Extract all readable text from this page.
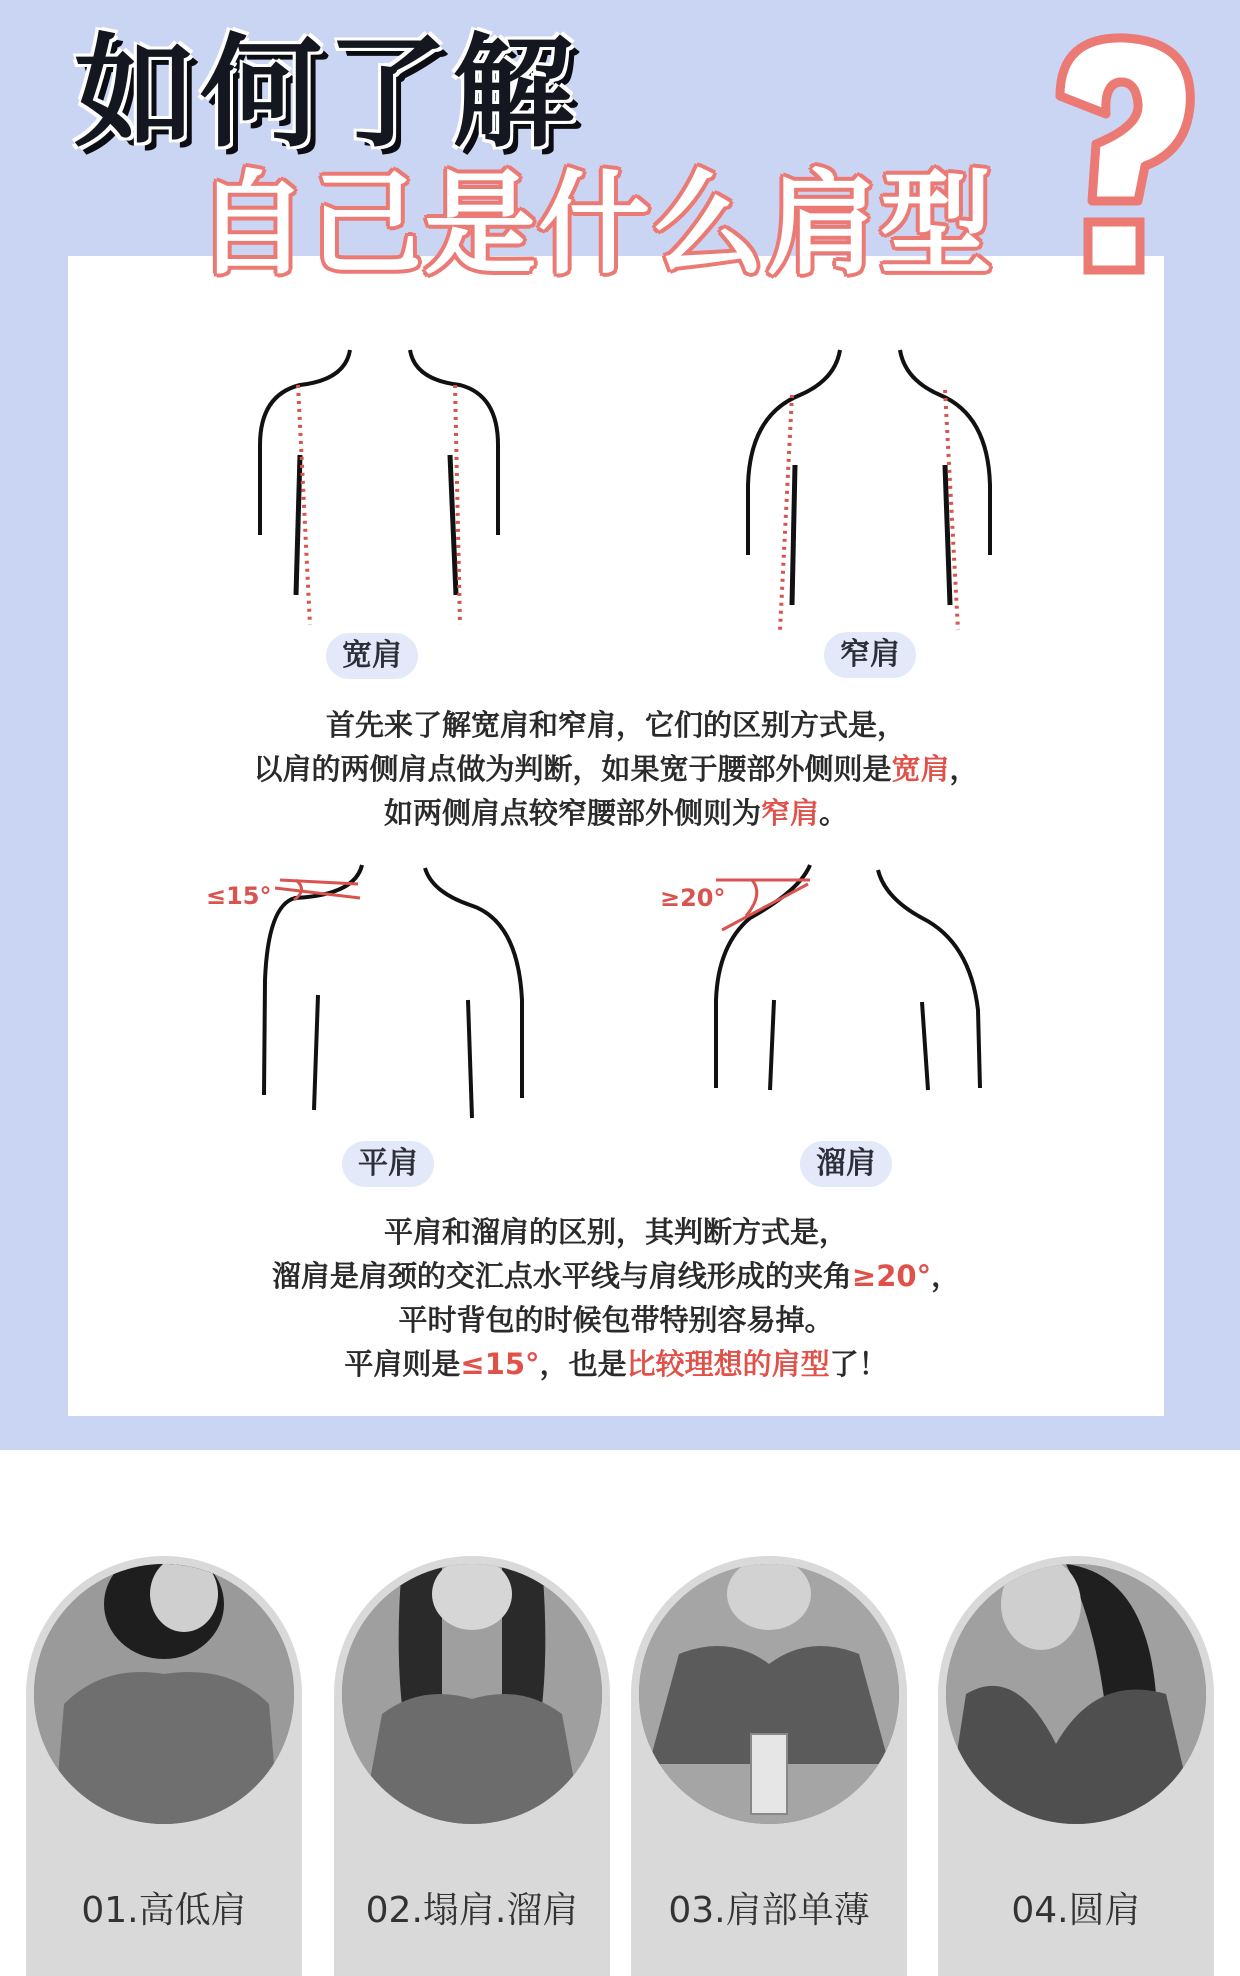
如何了解
自己是什么肩型
宽肩	窄肩

首先来了解宽肩和窄肩，它们的区别方式是，

以肩的两侧肩点做为判断，如果宽于腰部外侧则是宽肩，

如两侧肩点较窄腰部外侧则为窄肩。

≤15°	≥20°
平肩	溜肩

平肩和溜肩的区别，其判断方式是，

溜肩是肩颈的交汇点水平线与肩线形成的夹角≥20°，

平时背包的时候包带特别容易掉。

平肩则是≤15°，也是比较理想的肩型了！

01.高低肩	02.塌肩.溜肩	03.肩部单薄	04.圆肩
